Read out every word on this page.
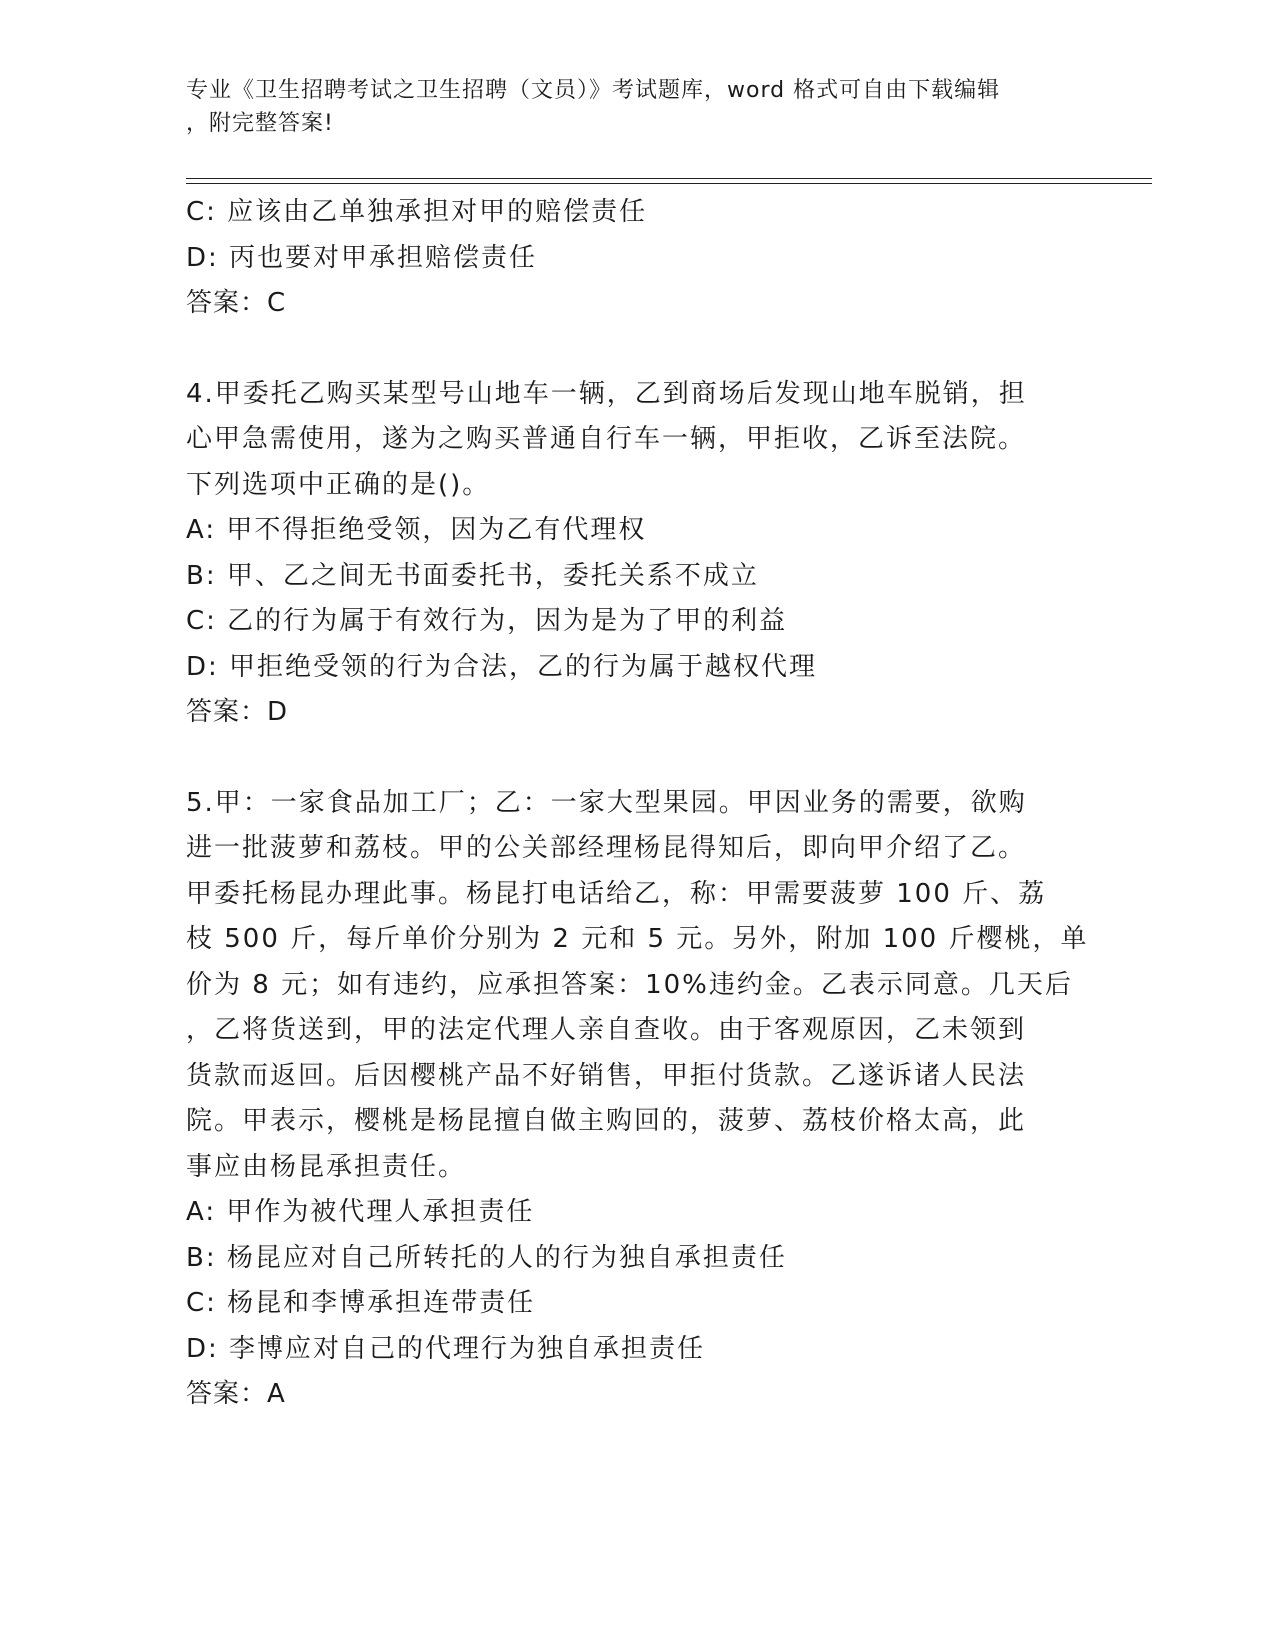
专业《卫生招聘考试之卫生招聘（文员）》考试题库，word 格式可自由下载编辑
，附完整答案!
C: 应该由乙单独承担对甲的赔偿责任
D: 丙也要对甲承担赔偿责任
答案：C
4.甲委托乙购买某型号山地车一辆，乙到商场后发现山地车脱销，担
心甲急需使用，遂为之购买普通自行车一辆，甲拒收，乙诉至法院。
下列选项中正确的是()。
A: 甲不得拒绝受领，因为乙有代理权
B: 甲、乙之间无书面委托书，委托关系不成立
C: 乙的行为属于有效行为，因为是为了甲的利益
D: 甲拒绝受领的行为合法，乙的行为属于越权代理
答案：D
5.甲：一家食品加工厂；乙：一家大型果园。甲因业务的需要，欲购
进一批菠萝和荔枝。甲的公关部经理杨昆得知后，即向甲介绍了乙。
甲委托杨昆办理此事。杨昆打电话给乙，称：甲需要菠萝 100 斤、荔
枝 500 斤，每斤单价分别为 2 元和 5 元。另外，附加 100 斤樱桃，单
价为 8 元；如有违约，应承担答案：10%违约金。乙表示同意。几天后
，乙将货送到，甲的法定代理人亲自查收。由于客观原因，乙未领到
货款而返回。后因樱桃产品不好销售，甲拒付货款。乙遂诉诸人民法
院。甲表示，樱桃是杨昆擅自做主购回的，菠萝、荔枝价格太高，此
事应由杨昆承担责任。
A: 甲作为被代理人承担责任
B: 杨昆应对自己所转托的人的行为独自承担责任
C: 杨昆和李博承担连带责任
D: 李博应对自己的代理行为独自承担责任
答案：A
